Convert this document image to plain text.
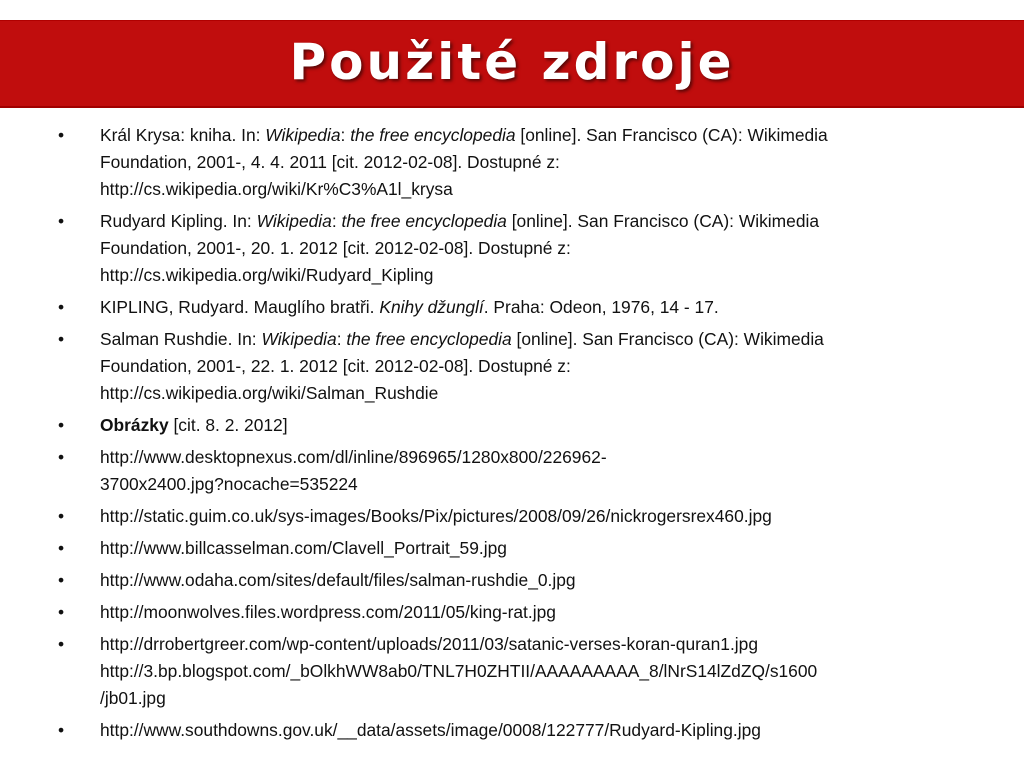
Použité zdroje
• Král Krysa: kniha. In: Wikipedia: the free encyclopedia [online]. San Francisco (CA): Wikimedia
Foundation, 2001-, 4. 4. 2011 [cit. 2012-02-08]. Dostupné z:
http://cs.wikipedia.org/wiki/Kr%C3%A1l_krysa
• Rudyard Kipling. In: Wikipedia: the free encyclopedia [online]. San Francisco (CA): Wikimedia
Foundation, 2001-, 20. 1. 2012 [cit. 2012-02-08]. Dostupné z:
http://cs.wikipedia.org/wiki/Rudyard_Kipling
• KIPLING, Rudyard. Mauglího bratři. Knihy džunglí. Praha: Odeon, 1976, 14 - 17.
• Salman Rushdie. In: Wikipedia: the free encyclopedia [online]. San Francisco (CA): Wikimedia
Foundation, 2001-, 22. 1. 2012 [cit. 2012-02-08]. Dostupné z:
http://cs.wikipedia.org/wiki/Salman_Rushdie
• Obrázky [cit. 8. 2. 2012]
• http://www.desktopnexus.com/dl/inline/896965/1280x800/226962-
3700x2400.jpg?nocache=535224
• http://static.guim.co.uk/sys-images/Books/Pix/pictures/2008/09/26/nickrogersrex460.jpg
• http://www.billcasselman.com/Clavell_Portrait_59.jpg
• http://www.odaha.com/sites/default/files/salman-rushdie_0.jpg
• http://moonwolves.files.wordpress.com/2011/05/king-rat.jpg
• http://drrobertgreer.com/wp-content/uploads/2011/03/satanic-verses-koran-quran1.jpg
http://3.bp.blogspot.com/_bOlkhWW8ab0/TNL7H0ZHTII/AAAAAAAAA_8/lNrS14lZdZQ/s1600
/jb01.jpg
• http://www.southdowns.gov.uk/__data/assets/image/0008/122777/Rudyard-Kipling.jpg
